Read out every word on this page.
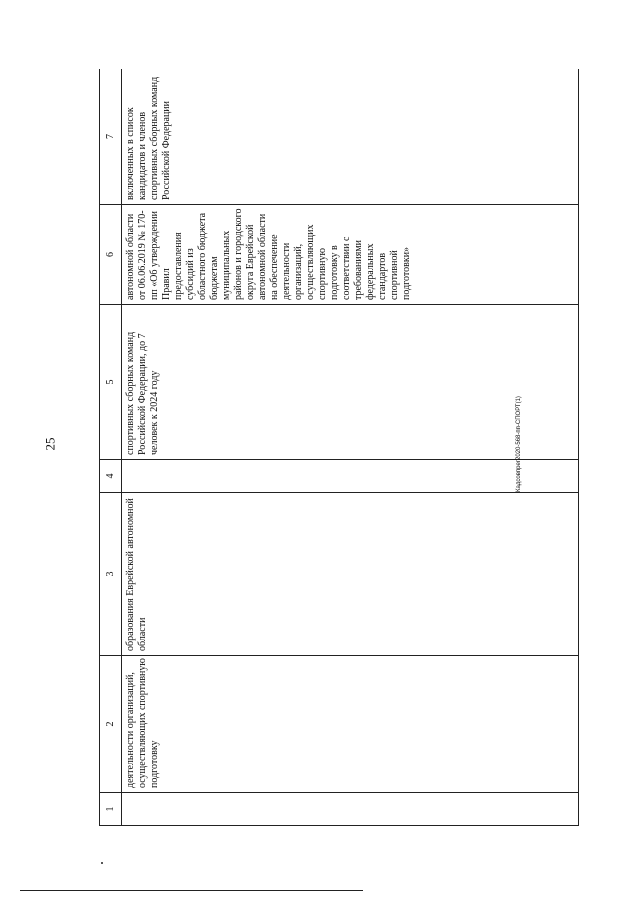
25
1	2	3	4	5	6	7
	деятельности организаций, осуществляющих спортивную подготовку	образования Еврейской автономной области		спортивных сборных команд Российской Федерации, до 7 человек к 2024 году	автономной области от 06.06.2019 № 170-пп «Об утверждении Правил предоставления субсидий из областного бюджета бюджетам муниципальных районов и городского округа Еврейской автономной области на обеспечение деятельности организаций, осуществляющих спортивную подготовку в соответствии с требованиями федеральных стандартов спортивной подготовки»	включенных в список кандидатов и членов спортивных сборных команд Российской Федерации
Кадсовпрег2020-568-пп-СПОРТ(1)
